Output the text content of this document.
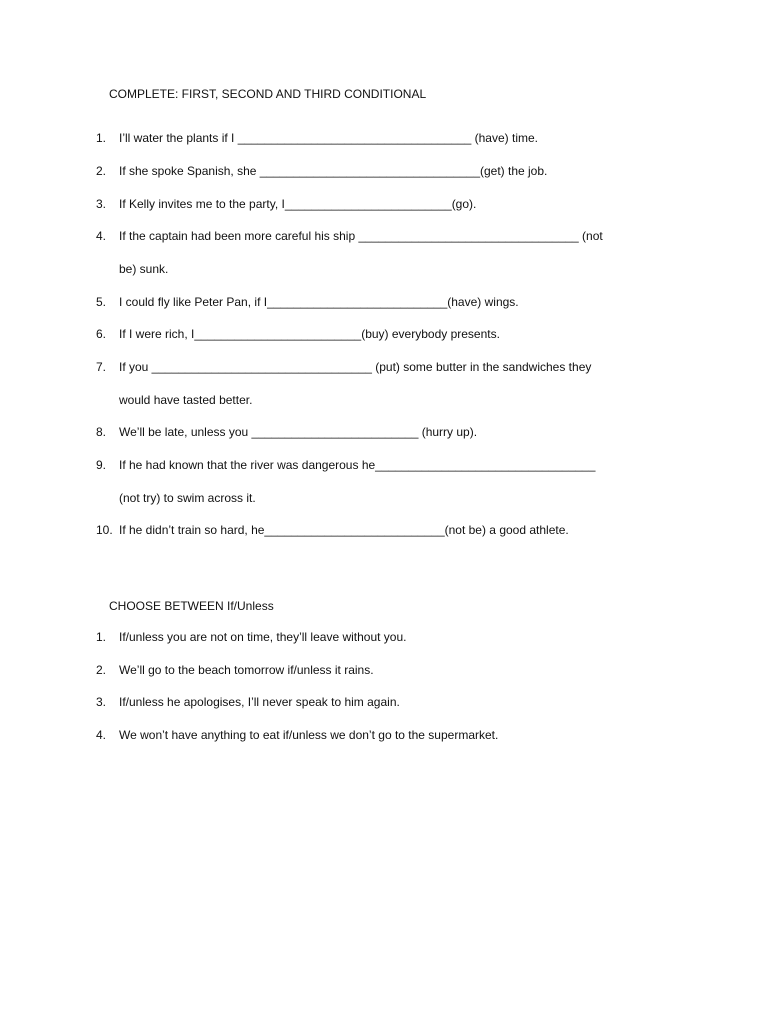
COMPLETE: FIRST, SECOND AND THIRD CONDITIONAL
1. I’ll water the plants if I ___________________________________ (have) time.
2. If she spoke Spanish, she _________________________________(get) the job.
3. If Kelly invites me to the party, I_________________________(go).
4. If the captain had been more careful his ship _________________________________ (not
be) sunk.
5. I could fly like Peter Pan, if I___________________________(have) wings.
6. If I were rich, I_________________________(buy) everybody presents.
7. If you _________________________________ (put) some butter in the sandwiches they
would have tasted better.
8. We’ll be late, unless you _________________________ (hurry up).
9. If he had known that the river was dangerous he_________________________________
(not try) to swim across it.
10. If he didn’t train so hard, he___________________________(not be) a good athlete.
CHOOSE BETWEEN If/Unless
1. If/unless you are not on time, they’ll leave without you.
2. We’ll go to the beach tomorrow if/unless it rains.
3. If/unless he apologises, I’ll never speak to him again.
4. We won’t have anything to eat if/unless we don’t go to the supermarket.
